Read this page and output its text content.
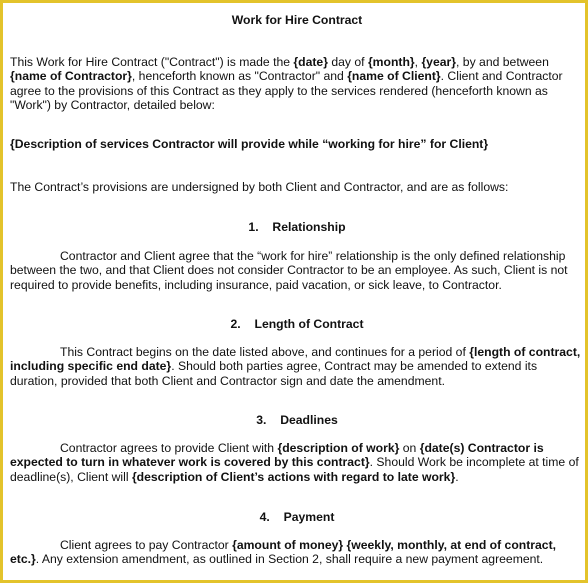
Work for Hire Contract

This Work for Hire Contract ("Contract") is made the {date} day of {month}, {year}, by and between {name of Contractor}, henceforth known as "Contractor" and {name of Client}. Client and Contractor agree to the provisions of this Contract as they apply to the services rendered (henceforth known as "Work") by Contractor, detailed below:

{Description of services Contractor will provide while “working for hire” for Client}

The Contract’s provisions are undersigned by both Client and Contractor, and are as follows:

1. Relationship

Contractor and Client agree that the “work for hire” relationship is the only defined relationship between the two, and that Client does not consider Contractor to be an employee. As such, Client is not required to provide benefits, including insurance, paid vacation, or sick leave, to Contractor.

2. Length of Contract

This Contract begins on the date listed above, and continues for a period of {length of contract, including specific end date}. Should both parties agree, Contract may be amended to extend its duration, provided that both Client and Contractor sign and date the amendment.

3. Deadlines

Contractor agrees to provide Client with {description of work} on {date(s) Contractor is expected to turn in whatever work is covered by this contract}. Should Work be incomplete at time of deadline(s), Client will {description of Client’s actions with regard to late work}.

4. Payment

Client agrees to pay Contractor {amount of money} {weekly, monthly, at end of contract, etc.}. Any extension amendment, as outlined in Section 2, shall require a new payment agreement.
